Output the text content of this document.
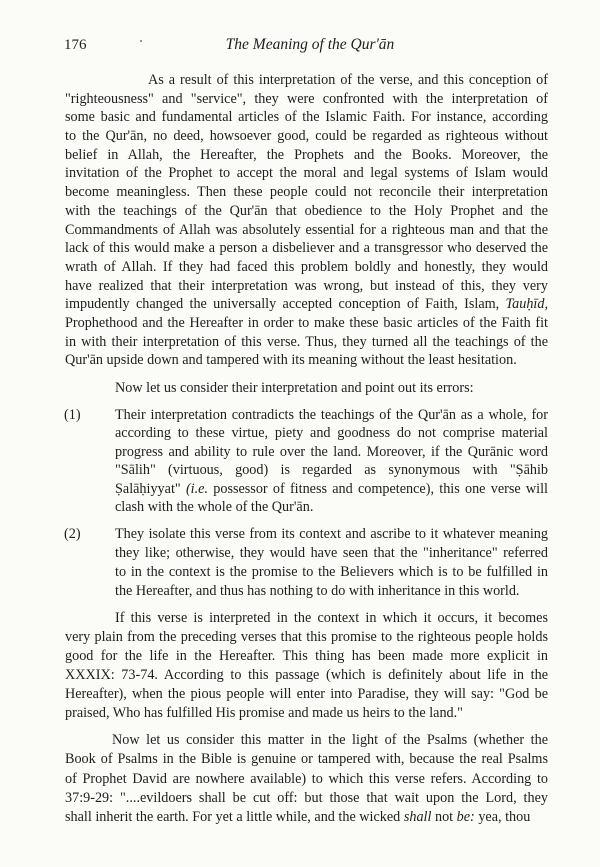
176	The Meaning of the Qur'ān
As a result of this interpretation of the verse, and this conception of
"righteousness" and "service", they were confronted with the interpretation of
some basic and fundamental articles of the Islamic Faith. For instance, according
to the Qur'ān, no deed, howsoever good, could be regarded as righteous without
belief in Allah, the Hereafter, the Prophets and the Books. Moreover, the
invitation of the Prophet to accept the moral and legal systems of Islam would
become meaningless. Then these people could not reconcile their interpretation
with the teachings of the Qur'ān that obedience to the Holy Prophet and the
Commandments of Allah was absolutely essential for a righteous man and that the
lack of this would make a person a disbeliever and a transgressor who deserved the
wrath of Allah. If they had faced this problem boldly and honestly, they would
have realized that their interpretation was wrong, but instead of this, they very
impudently changed the universally accepted conception of Faith, Islam, Tauḥīd,
Prophethood and the Hereafter in order to make these basic articles of the Faith fit
in with their interpretation of this verse. Thus, they turned all the teachings of the
Qur'ān upside down and tampered with its meaning without the least hesitation.
Now let us consider their interpretation and point out its errors:
(1) Their interpretation contradicts the teachings of the Qur'ān as a whole, for
according to these virtue, piety and goodness do not comprise material
progress and ability to rule over the land. Moreover, if the Qurānic word
"Sālih" (virtuous, good) is regarded as synonymous with "Ṣāhib
Ṣalāḥiyyat" (i.e. possessor of fitness and competence), this one verse will
clash with the whole of the Qur'ān.
(2) They isolate this verse from its context and ascribe to it whatever meaning
they like; otherwise, they would have seen that the "inheritance" referred
to in the context is the promise to the Believers which is to be fulfilled in
the Hereafter, and thus has nothing to do with inheritance in this world.
If this verse is interpreted in the context in which it occurs, it becomes
very plain from the preceding verses that this promise to the righteous people holds
good for the life in the Hereafter. This thing has been made more explicit in
XXXIX: 73-74. According to this passage (which is definitely about life in the
Hereafter), when the pious people will enter into Paradise, they will say: "God be
praised, Who has fulfilled His promise and made us heirs to the land."
Now let us consider this matter in the light of the Psalms (whether the
Book of Psalms in the Bible is genuine or tampered with, because the real Psalms
of Prophet David are nowhere available) to which this verse refers. According to
37:9-29: "....evildoers shall be cut off: but those that wait upon the Lord, they
shall inherit the earth. For yet a little while, and the wicked shall not be: yea, thou
